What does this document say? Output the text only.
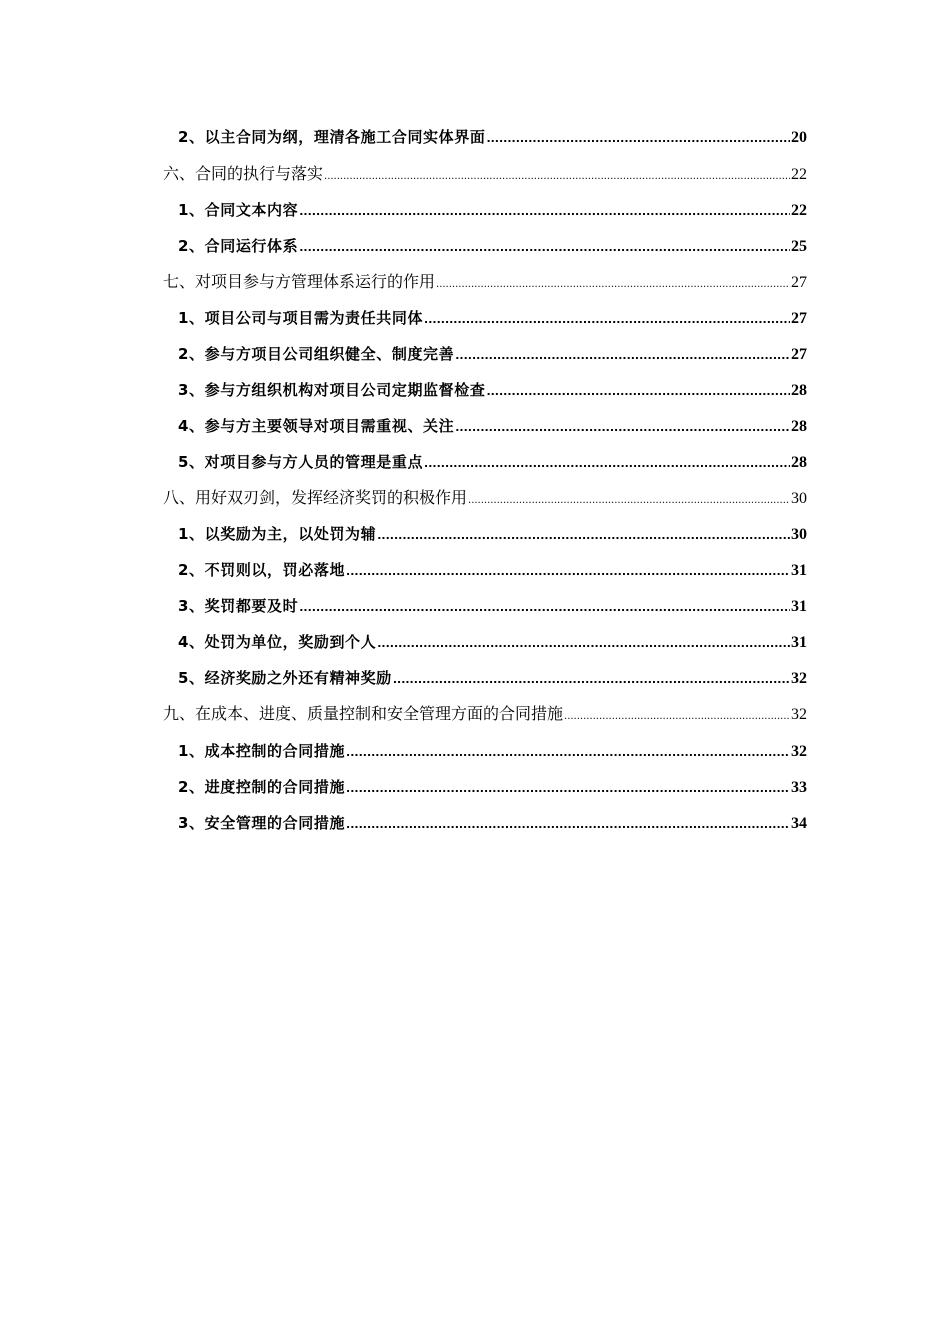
2、以主合同为纲，理清各施工合同实体界面 .....	20
六、合同的执行与落实 .....	22
1、合同文本内容 .....	22
2、合同运行体系 .....	25
七、对项目参与方管理体系运行的作用 .....	27
1、项目公司与项目需为责任共同体 .....	27
2、参与方项目公司组织健全、制度完善 .....	27
3、参与方组织机构对项目公司定期监督检查 .....	28
4、参与方主要领导对项目需重视、关注 .....	28
5、对项目参与方人员的管理是重点 .....	28
八、用好双刃剑，发挥经济奖罚的积极作用 .....	30
1、以奖励为主，以处罚为辅 .....	30
2、不罚则以，罚必落地 .....	31
3、奖罚都要及时 .....	31
4、处罚为单位，奖励到个人 .....	31
5、经济奖励之外还有精神奖励 .....	32
九、在成本、进度、质量控制和安全管理方面的合同措施 .....	32
1、成本控制的合同措施 .....	32
2、进度控制的合同措施 .....	33
3、安全管理的合同措施 .....	34
